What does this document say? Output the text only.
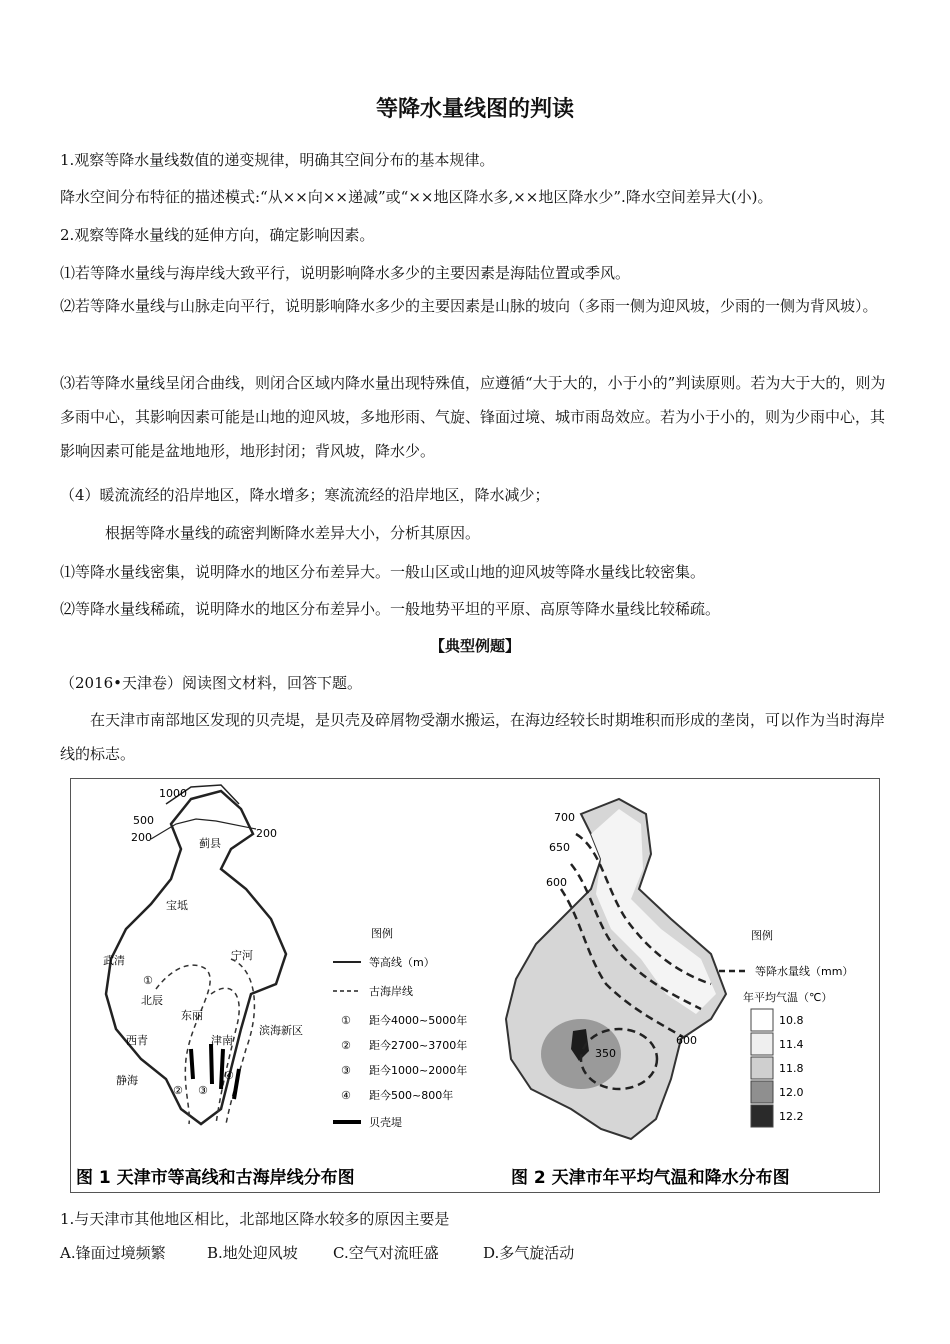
等降水量线图的判读
1.观察等降水量线数值的递变规律，明确其空间分布的基本规律。
降水空间分布特征的描述模式:“从××向××递减”或“××地区降水多,××地区降水少”.降水空间差异大(小)。
2.观察等降水量线的延伸方向，确定影响因素。
⑴若等降水量线与海岸线大致平行，说明影响降水多少的主要因素是海陆位置或季风。
⑵若等降水量线与山脉走向平行，说明影响降水多少的主要因素是山脉的坡向（多雨一侧为迎风坡，少雨的一侧为背风坡）。
⑶若等降水量线呈闭合曲线，则闭合区域内降水量出现特殊值，应遵循“大于大的，小于小的”判读原则。若为大于大的，则为多雨中心，其影响因素可能是山地的迎风坡，多地形雨、气旋、锋面过境、城市雨岛效应。若为小于小的，则为少雨中心，其影响因素可能是盆地地形，地形封闭；背风坡，降水少。
（4）暖流流经的沿岸地区，降水增多；寒流流经的沿岸地区，降水减少；
根据等降水量线的疏密判断降水差异大小，分析其原因。
⑴等降水量线密集，说明降水的地区分布差异大。一般山区或山地的迎风坡等降水量线比较密集。
⑵等降水量线稀疏，说明降水的地区分布差异小。一般地势平坦的平原、高原等降水量线比较稀疏。
【典型例题】
（2016•天津卷）阅读图文材料，回答下题。
在天津市南部地区发现的贝壳堤，是贝壳及碎屑物受潮水搬运，在海边经较长时期堆积而形成的垄岗，可以作为当时海岸线的标志。
1000
500
200	200
蓟县
宝坻
武清	宁河
北辰
东丽
津南
西青
静海
滨海新区
①
② ③
④
图例
等高线（m）
古海岸线
① 距今4000~5000年
② 距今2700~3700年
③ 距今1000~2000年
④ 距今500~800年
贝壳堤
图 1 天津市等高线和古海岸线分布图
700
650
600
600
350
图例
等降水量线（mm）
年平均气温（℃）
10.8
11.4
11.8
12.0
12.2
图 2 天津市年平均气温和降水分布图
1.与天津市其他地区相比，北部地区降水较多的原因主要是
A.锋面过境频繁	B.地处迎风坡 C.空气对流旺盛	D.多气旋活动
